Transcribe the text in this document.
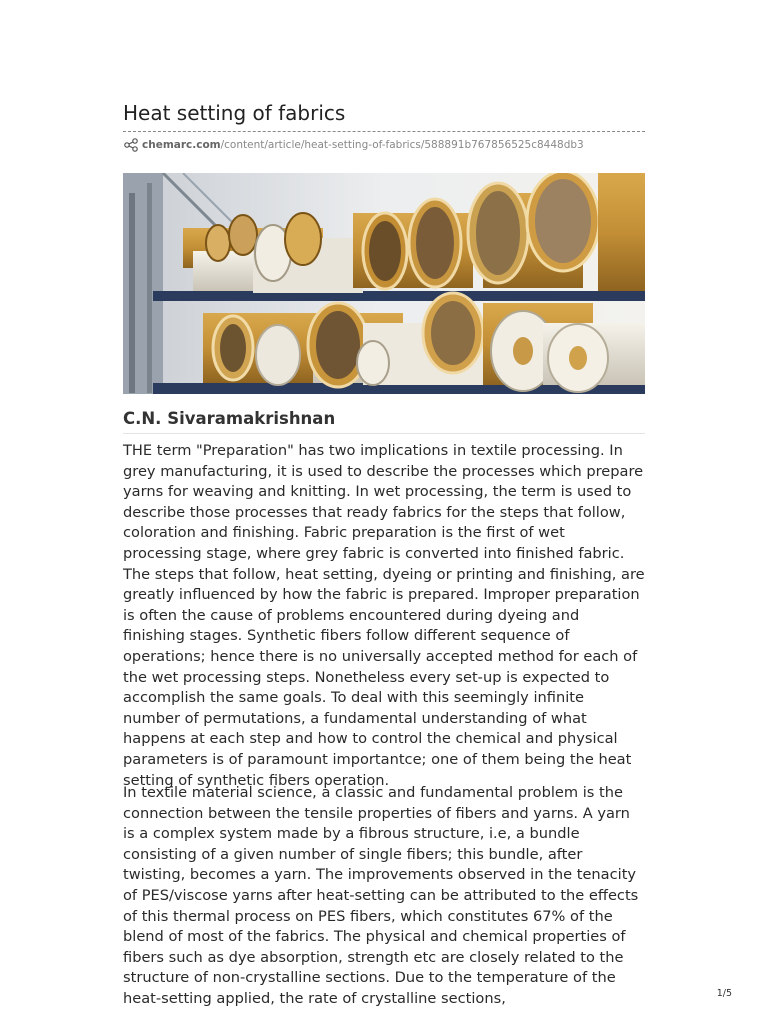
Heat setting of fabrics
chemarc.com /content/article/heat-setting-of-fabrics/588891b767856525c8448db3
C.N. Sivaramakrishnan

THE term "Preparation" has two implications in textile processing. In grey manufacturing, it is used to describe the processes which prepare yarns for weaving and knitting. In wet processing, the term is used to describe those processes that ready fabrics for the steps that follow, coloration and finishing. Fabric preparation is the first of wet processing stage, where grey fabric is converted into finished fabric. The steps that follow, heat setting, dyeing or printing and finishing, are greatly influenced by how the fabric is prepared. Improper preparation is often the cause of problems encountered during dyeing and finishing stages. Synthetic fibers follow different sequence of operations; hence there is no universally accepted method for each of the wet processing steps. Nonetheless every set-up is expected to accomplish the same goals. To deal with this seemingly infinite number of permutations, a fundamental understanding of what happens at each step and how to control the chemical and physical parameters is of paramount importantce; one of them being the heat setting of synthetic fibers operation.

In textile material science, a classic and fundamental problem is the connection between the tensile properties of fibers and yarns. A yarn is a complex system made by a fibrous structure, i.e, a bundle consisting of a given number of single fibers; this bundle, after twisting, becomes a yarn. The improvements observed in the tenacity of PES/viscose yarns after heat-setting can be attributed to the effects of this thermal process on PES fibers, which constitutes 67% of the blend of most of the fabrics. The physical and chemical properties of fibers such as dye absorption, strength etc are closely related to the structure of non-crystalline sections. Due to the temperature of the heat-setting applied, the rate of crystalline sections,	1/5
